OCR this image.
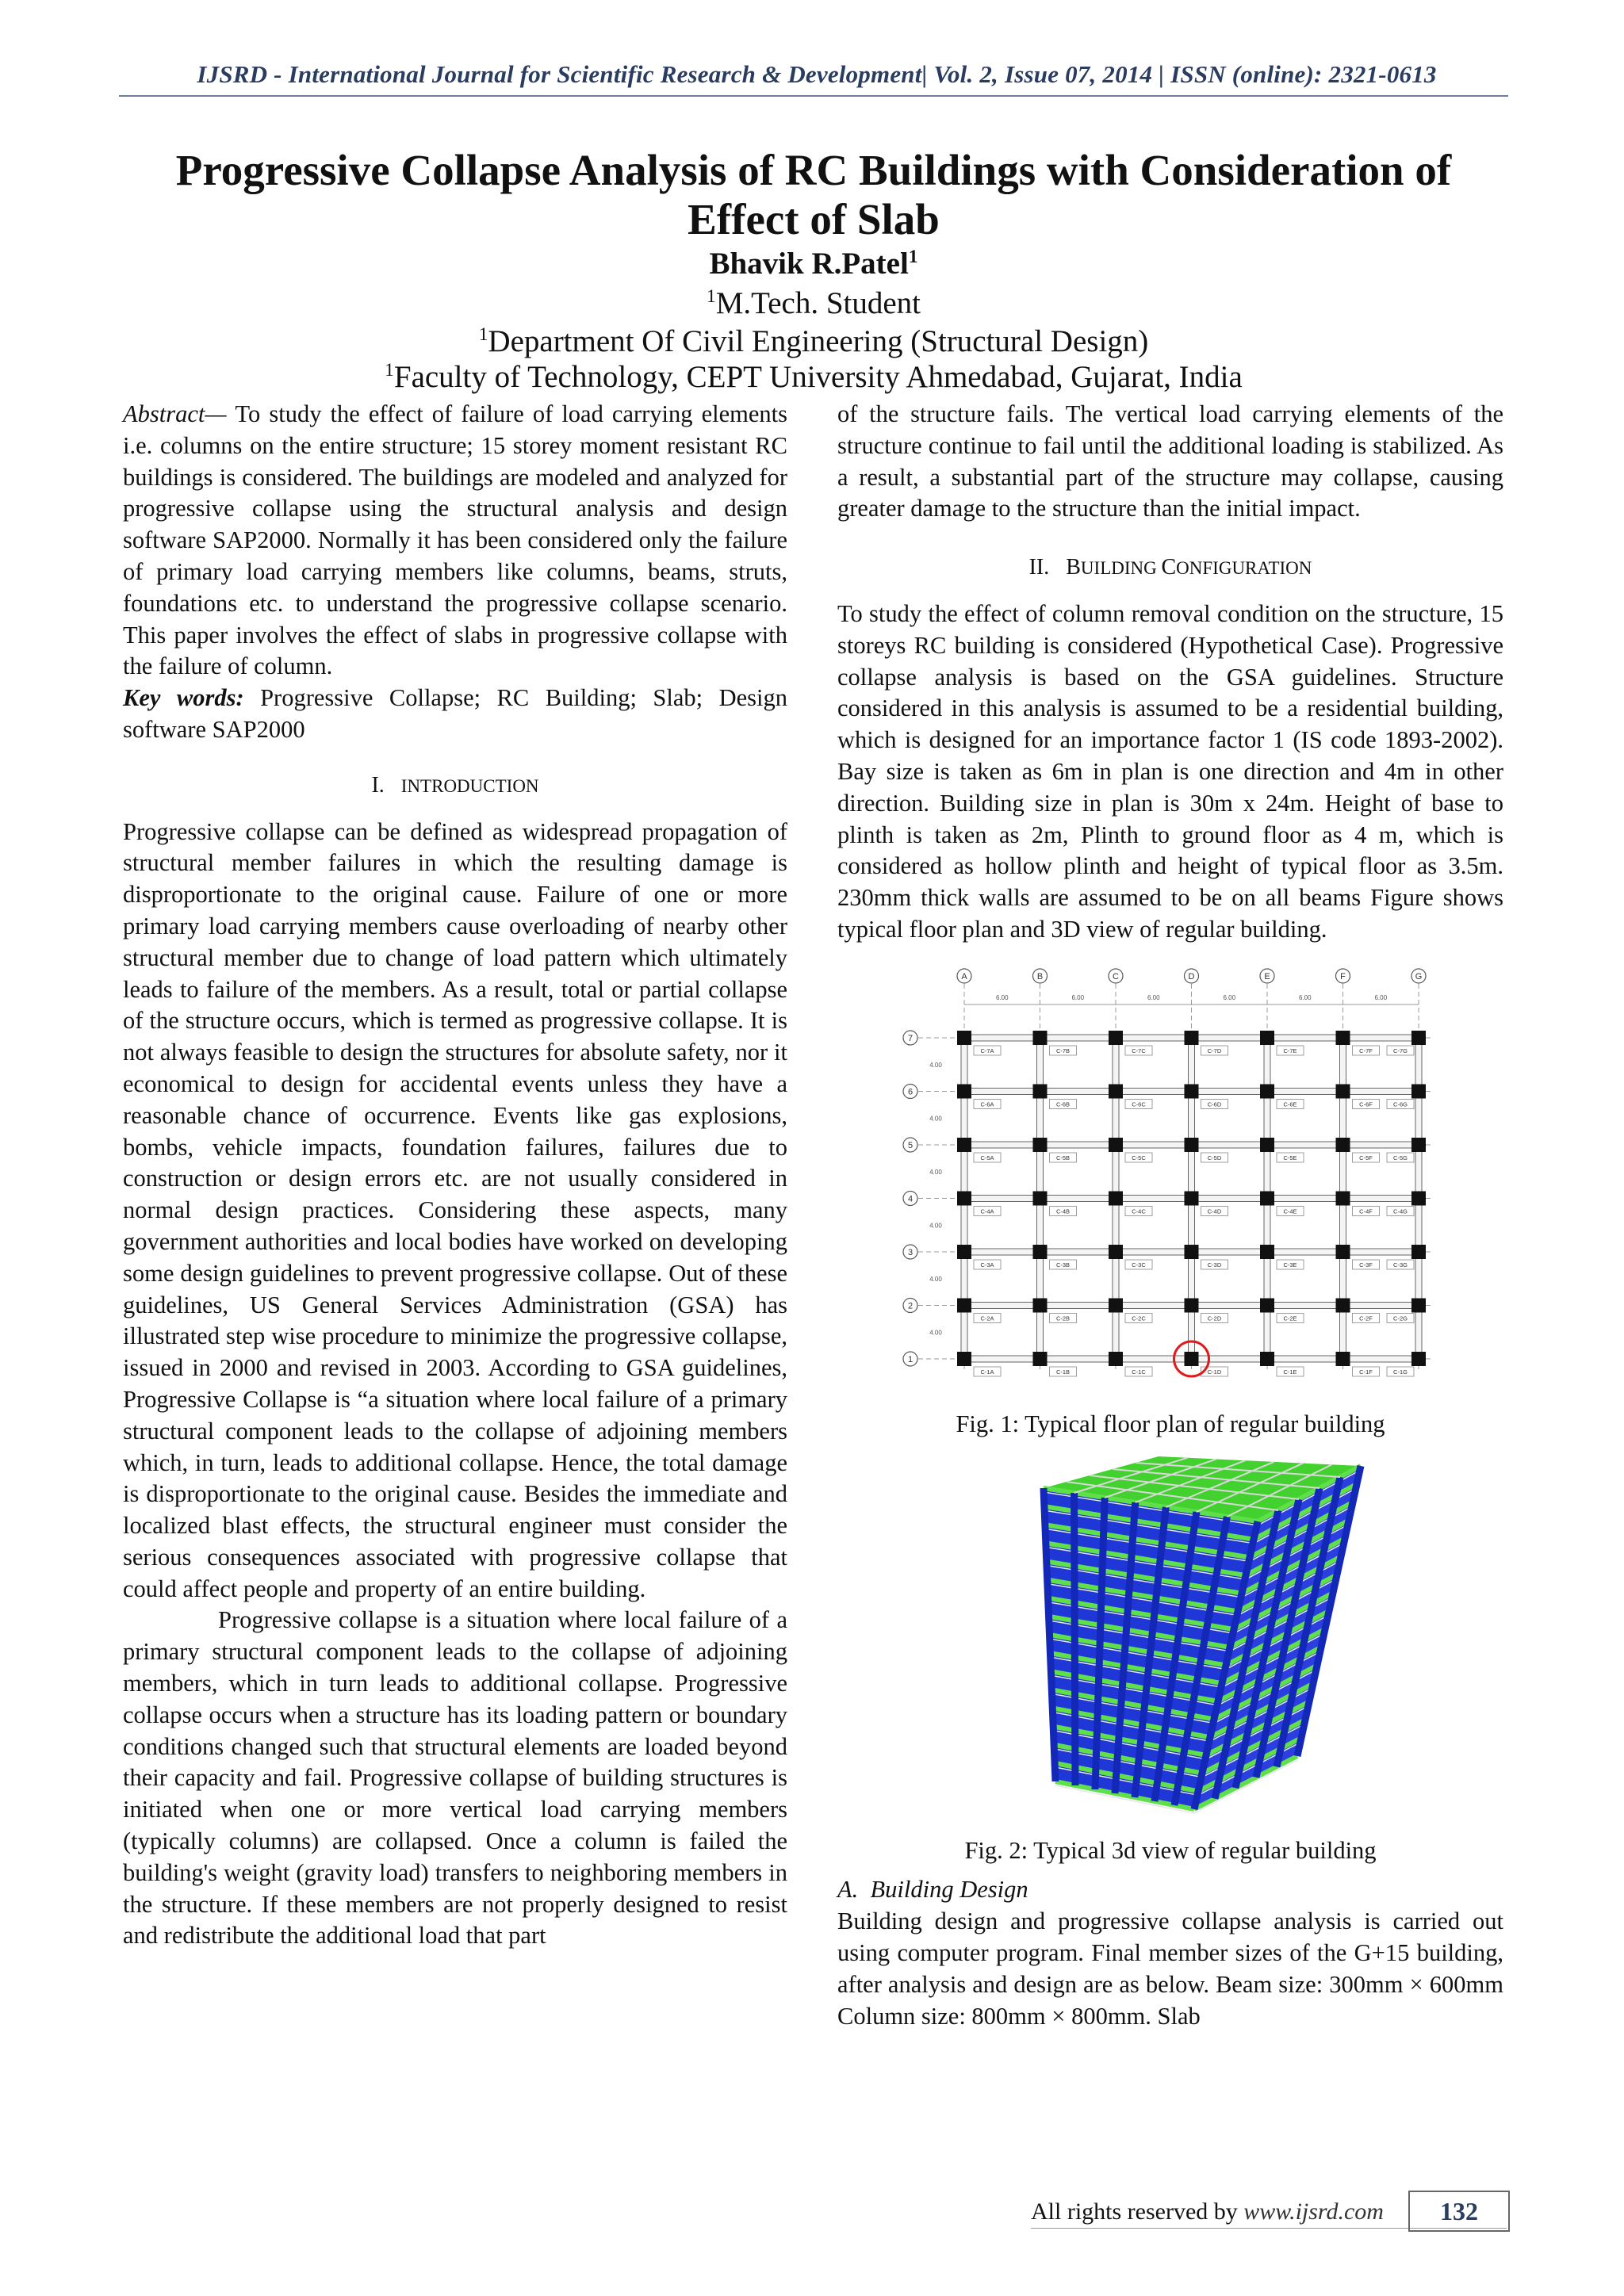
IJSRD - International Journal for Scientific Research & Development| Vol. 2, Issue 07, 2014 | ISSN (online): 2321-0613
Progressive Collapse Analysis of RC Buildings with Consideration of Effect of Slab
Bhavik R.Patel$^1$
$^1$M.Tech. Student
$^1$Department Of Civil Engineering (Structural Design)
$^1$Faculty of Technology, CEPT University Ahmedabad, Gujarat, India

Abstract— To study the effect of failure of load carrying elements i.e. columns on the entire structure; 15 storey moment resistant RC buildings is considered. The buildings are modeled and analyzed for progressive collapse using the structural analysis and design software SAP2000. Normally it has been considered only the failure of primary load carrying members like columns, beams, struts, foundations etc. to understand the progressive collapse scenario. This paper involves the effect of slabs in progressive collapse with the failure of column.

Key words: Progressive Collapse; RC Building; Slab; Design software SAP2000

I. INTRODUCTION

Progressive collapse can be defined as widespread propagation of structural member failures in which the resulting damage is disproportionate to the original cause. Failure of one or more primary load carrying members cause overloading of nearby other structural member due to change of load pattern which ultimately leads to failure of the members. As a result, total or partial collapse of the structure occurs, which is termed as progressive collapse. It is not always feasible to design the structures for absolute safety, nor it economical to design for accidental events unless they have a reasonable chance of occurrence. Events like gas explosions, bombs, vehicle impacts, foundation failures, failures due to construction or design errors etc. are not usually considered in normal design practices. Considering these aspects, many government authorities and local bodies have worked on developing some design guidelines to prevent progressive collapse. Out of these guidelines, US General Services Administration (GSA) has illustrated step wise procedure to minimize the progressive collapse, issued in 2000 and revised in 2003. According to GSA guidelines, Progressive Collapse is “a situation where local failure of a primary structural component leads to the collapse of adjoining members which, in turn, leads to additional collapse. Hence, the total damage is disproportionate to the original cause. Besides the immediate and localized blast effects, the structural engineer must consider the serious consequences associated with progressive collapse that could affect people and property of an entire building.

Progressive collapse is a situation where local failure of a primary structural component leads to the collapse of adjoining members, which in turn leads to additional collapse. Progressive collapse occurs when a structure has its loading pattern or boundary conditions changed such that structural elements are loaded beyond their capacity and fail. Progressive collapse of building structures is initiated when one or more vertical load carrying members (typically columns) are collapsed. Once a column is failed the building's weight (gravity load) transfers to neighboring members in the structure. If these members are not properly designed to resist and redistribute the additional load that part

of the structure fails. The vertical load carrying elements of the structure continue to fail until the additional loading is stabilized. As a result, a substantial part of the structure may collapse, causing greater damage to the structure than the initial impact.

II. BUILDING CONFIGURATION

To study the effect of column removal condition on the structure, 15 storeys RC building is considered (Hypothetical Case). Progressive collapse analysis is based on the GSA guidelines. Structure considered in this analysis is assumed to be a residential building, which is designed for an importance factor 1 (IS code 1893-2002). Bay size is taken as 6m in plan is one direction and 4m in other direction. Building size in plan is 30m x 24m. Height of base to plinth is taken as 2m, Plinth to ground floor as 4 m, which is considered as hollow plinth and height of typical floor as 3.5m. 230mm thick walls are assumed to be on all beams Figure shows typical floor plan and 3D view of regular building.

A
6.00
B
6.00
C
6.00
D
6.00
E
6.00
F
6.00
G
7
4.00
6
4.00
5
4.00
4
4.00
3
4.00
2
4.00
1
C-7A	C-7B	C-7C	C-7D	C-7E	C-7F	C-7G
C-6A	C-6B	C-6C	C-6D	C-6E	C-6F	C-6G
C-5A	C-5B	C-5C	C-5D	C-5E	C-5F	C-5G
C-4A	C-4B	C-4C	C-4D	C-4E	C-4F	C-4G
C-3A	C-3B	C-3C	C-3D	C-3E	C-3F	C-3G
C-2A	C-2B	C-2C	C-2D	C-2E	C-2F	C-2G
C-1A	C-1B	C-1C	C-1D	C-1E	C-1F	C-1G
Fig. 1: Typical floor plan of regular building
Fig. 2: Typical 3d view of regular building

A. Building Design

Building design and progressive collapse analysis is carried out using computer program. Final member sizes of the G+15 building, after analysis and design are as below. Beam size: 300mm × 600mm Column size: 800mm × 800mm. Slab

All rights reserved by www.ijsrd.com	132
